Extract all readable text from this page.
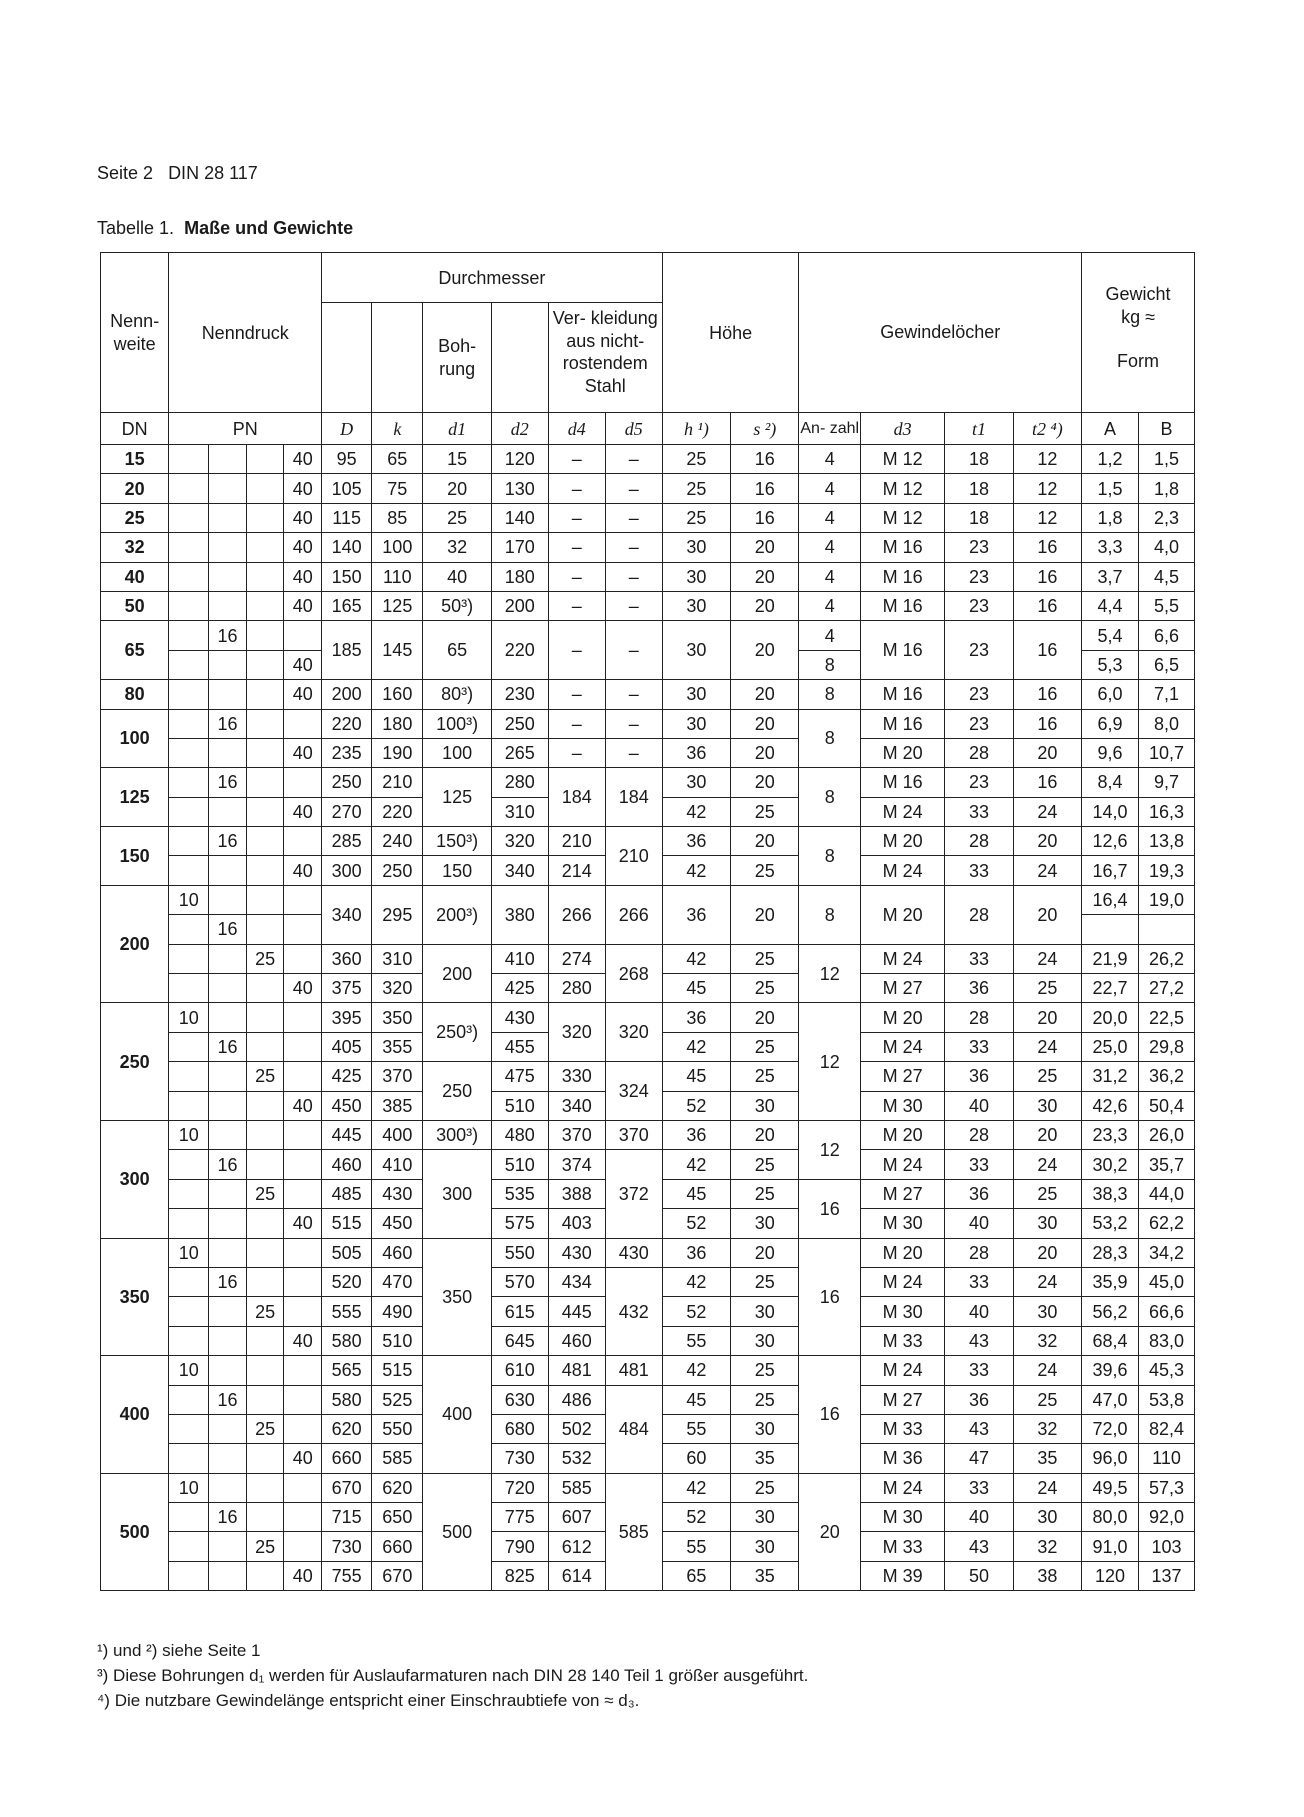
Seite 2 DIN 28 117
Tabelle 1. Maße und Gewichte
Nenn- weite	Nenndruck				Durchmesser						Höhe		Gewindelöcher				Gewicht kg ≈
Form	

							Boh- rung		Ver- kleidung aus nicht- rostendem Stahl									
DN	PN				D	k	d1	d2	d4	d5	h ¹)	s ²)	An- zahl	d3	t1	t2 ⁴)	A	B
15				40	95	65	15	120	–	–	25	16	4	M 12	18	12	1,2	1,5
20				40	105	75	20	130	–	–	25	16	4	M 12	18	12	1,5	1,8
25				40	115	85	25	140	–	–	25	16	4	M 12	18	12	1,8	2,3
32				40	140	100	32	170	–	–	30	20	4	M 16	23	16	3,3	4,0
40				40	150	110	40	180	–	–	30	20	4	M 16	23	16	3,7	4,5
50				40	165	125	50³)	200	–	–	30	20	4	M 16	23	16	4,4	5,5
65		16			185	145	65	220	–	–	30	20	4	M 16	23	16	5,4	6,6
				40									8				5,3	6,5
80				40	200	160	80³)	230	–	–	30	20	8	M 16	23	16	6,0	7,1
100		16			220	180	100³)	250	–	–	30	20	8	M 16	23	16	6,9	8,0
				40	235	190	100	265	–	–	36	20		M 20	28	20	9,6	10,7
125		16			250	210	125	280	184	184	30	20	8	M 16	23	16	8,4	9,7
				40	270	220		310			42	25		M 24	33	24	14,0	16,3
150		16			285	240	150³)	320	210	210	36	20	8	M 20	28	20	12,6	13,8
				40	300	250	150	340	214		42	25		M 24	33	24	16,7	19,3
200	10				340	295	200³)	380	266	266	36	20	8	M 20	28	20	16,4	19,0
		16																
			25		360	310	200	410	274	268	42	25	12	M 24	33	24	21,9	26,2
				40	375	320		425	280		45	25		M 27	36	25	22,7	27,2
250	10				395	350	250³)	430	320	320	36	20	12	M 20	28	20	20,0	22,5
		16			405	355		455			42	25		M 24	33	24	25,0	29,8
			25		425	370	250	475	330	324	45	25		M 27	36	25	31,2	36,2
				40	450	385		510	340		52	30		M 30	40	30	42,6	50,4
300	10				445	400	300³)	480	370	370	36	20	12	M 20	28	20	23,3	26,0
		16			460	410	300	510	374	372	42	25		M 24	33	24	30,2	35,7
			25		485	430		535	388		45	25	16	M 27	36	25	38,3	44,0
				40	515	450		575	403		52	30		M 30	40	30	53,2	62,2
350	10				505	460	350	550	430	430	36	20	16	M 20	28	20	28,3	34,2
		16			520	470		570	434	432	42	25		M 24	33	24	35,9	45,0
			25		555	490		615	445		52	30		M 30	40	30	56,2	66,6
				40	580	510		645	460		55	30		M 33	43	32	68,4	83,0
400	10				565	515	400	610	481	481	42	25	16	M 24	33	24	39,6	45,3
		16			580	525		630	486	484	45	25		M 27	36	25	47,0	53,8
			25		620	550		680	502		55	30		M 33	43	32	72,0	82,4
				40	660	585		730	532		60	35		M 36	47	35	96,0	110
500	10				670	620	500	720	585	585	42	25	20	M 24	33	24	49,5	57,3
		16			715	650		775	607		52	30		M 30	40	30	80,0	92,0
			25		730	660		790	612		55	30		M 33	43	32	91,0	103
				40	755	670		825	614		65	35		M 39	50	38	120	137
¹) und ²) siehe Seite 1
³) Diese Bohrungen d₁ werden für Auslaufarmaturen nach DIN 28 140 Teil 1 größer ausgeführt.
⁴) Die nutzbare Gewindelänge entspricht einer Einschraubtiefe von ≈ d₃.
